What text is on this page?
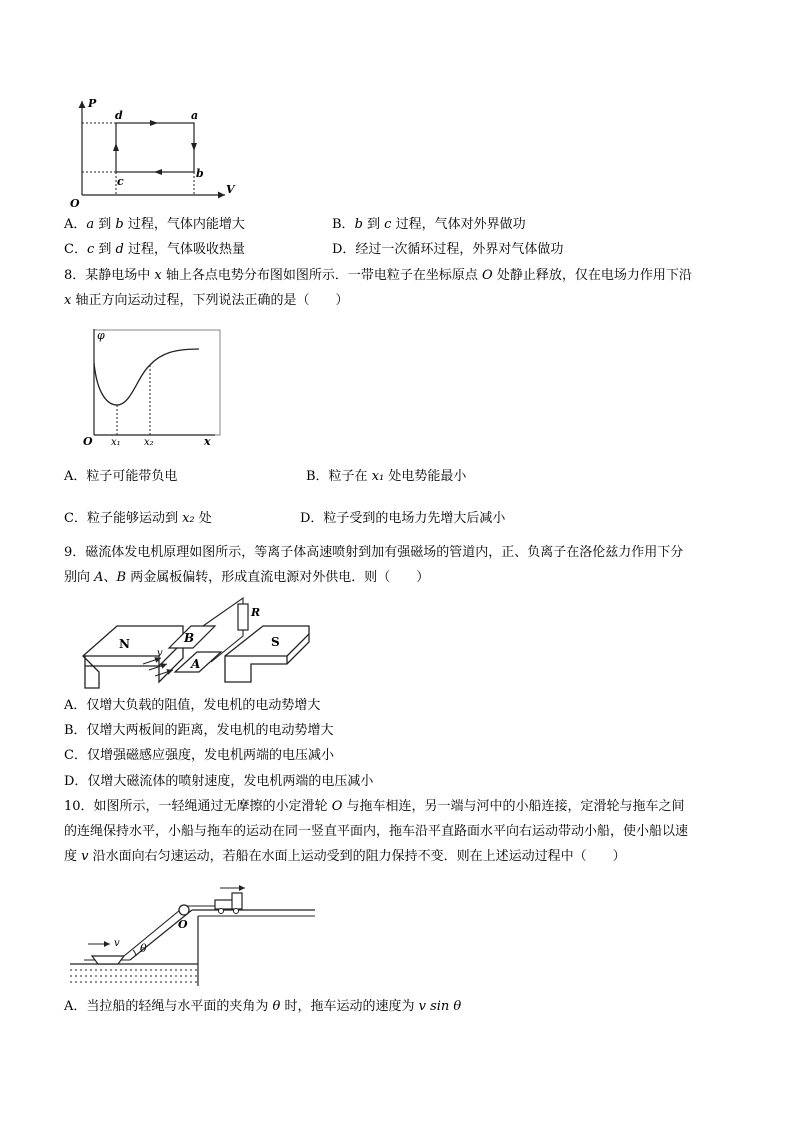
P
V
O
d	a
b
c
A．a 到 b 过程，气体内能增大	B．b 到 c 过程，气体对外界做功
C．c 到 d 过程，气体吸收热量	D．经过一次循环过程，外界对气体做功
8．某静电场中 x 轴上各点电势分布图如图所示．一带电粒子在坐标原点 O 处静止释放，仅在电场力作用下沿
x 轴正方向运动过程，下列说法正确的是（　　）
φ
x
O x₁ x₂
A．粒子可能带负电	B．粒子在 x₁ 处电势能最小
C．粒子能够运动到 x₂ 处	D．粒子受到的电场力先增大后减小
9．磁流体发电机原理如图所示，等离子体高速喷射到加有强磁场的管道内，正、负离子在洛伦兹力作用下分
别向 A、B 两金属板偏转，形成直流电源对外供电．则（　　）
N	S
B
A
R
v
A．仅增大负载的阻值，发电机的电动势增大
B．仅增大两板间的距离，发电机的电动势增大
C．仅增强磁感应强度，发电机两端的电压减小
D．仅增大磁流体的喷射速度，发电机两端的电压减小
10．如图所示，一轻绳通过无摩擦的小定滑轮 O 与拖车相连，另一端与河中的小船连接，定滑轮与拖车之间
的连绳保持水平，小船与拖车的运动在同一竖直平面内，拖车沿平直路面水平向右运动带动小船，使小船以速
度 v 沿水面向右匀速运动，若船在水面上运动受到的阻力保持不变．则在上述运动过程中（　　）
O
v θ
A．当拉船的轻绳与水平面的夹角为 θ 时，拖车运动的速度为 v sin θ
